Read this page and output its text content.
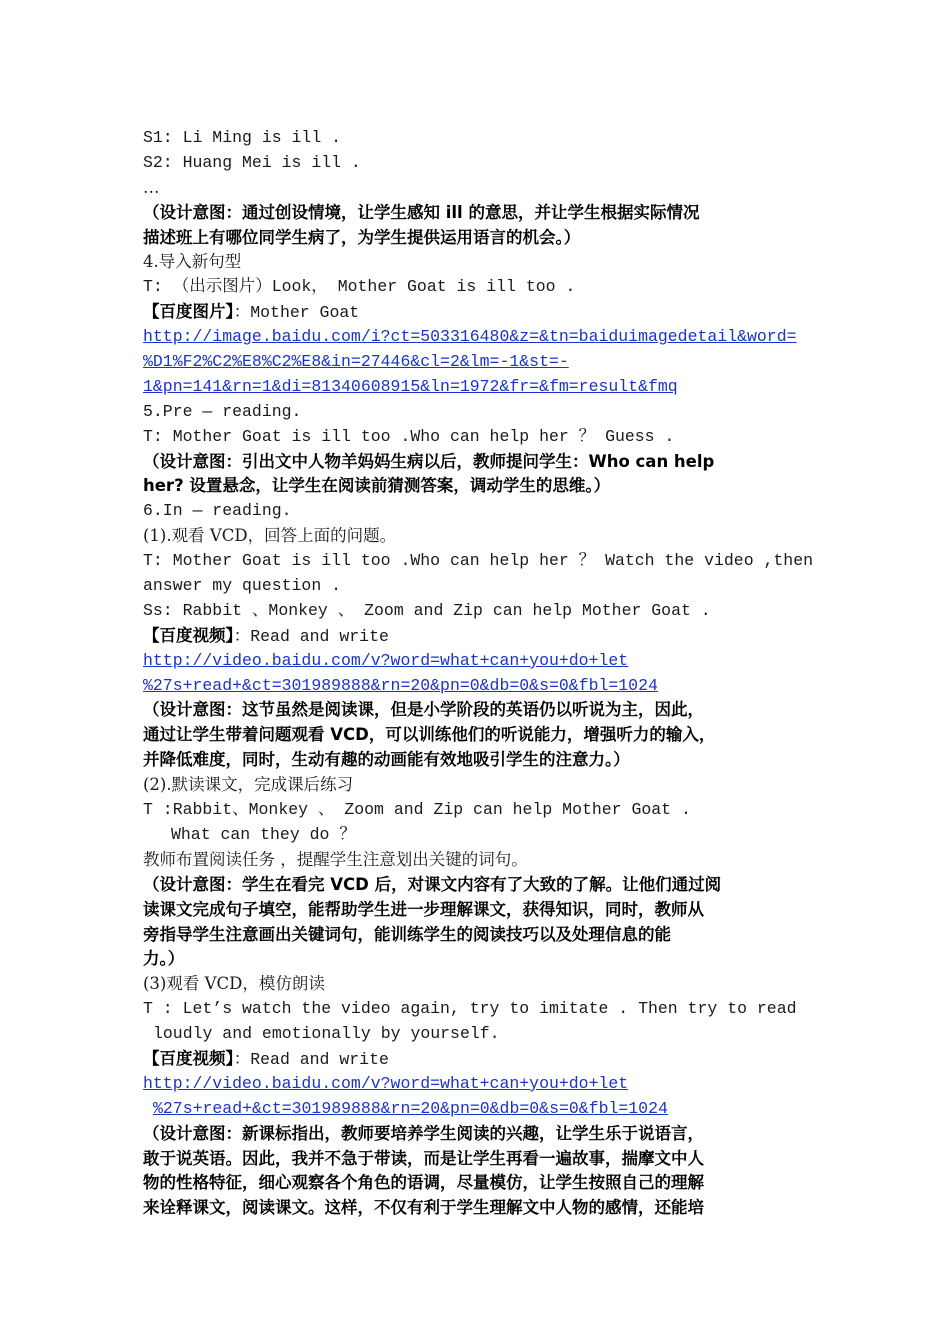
S1: Li Ming is ill .
S2: Huang Mei is ill .
…
（设计意图：通过创设情境，让学生感知 ill 的意思，并让学生根据实际情况
描述班上有哪位同学生病了，为学生提供运用语言的机会。）
4.导入新句型
T: （出示图片）Look， Mother Goat is ill too .
【百度图片】：Mother Goat
http://image.baidu.com/i?ct=503316480&z=&tn=baiduimagedetail&word=
%D1%F2%C2%E8%C2%E8&in=27446&cl=2&lm=-1&st=-
1&pn=141&rn=1&di=81340608915&ln=1972&fr=&fm=result&fmq
5.Pre — reading.
T: Mother Goat is ill too .Who can help her ？ Guess .
（设计意图：引出文中人物羊妈妈生病以后，教师提问学生：Who can help
her? 设置悬念，让学生在阅读前猜测答案，调动学生的思维。）
6.In — reading.
(1).观看 VCD，回答上面的问题。
T: Mother Goat is ill too .Who can help her ？ Watch the video ,then
answer my question .
Ss: Rabbit 、Monkey 、 Zoom and Zip can help Mother Goat .
【百度视频】：Read and write
http://video.baidu.com/v?word=what+can+you+do+let
%27s+read+&ct=301989888&rn=20&pn=0&db=0&s=0&fbl=1024
（设计意图：这节虽然是阅读课，但是小学阶段的英语仍以听说为主，因此，
通过让学生带着问题观看 VCD，可以训练他们的听说能力，增强听力的输入，
并降低难度，同时，生动有趣的动画能有效地吸引学生的注意力。）
(2).默读课文，完成课后练习
T :Rabbit、Monkey 、 Zoom and Zip can help Mother Goat .
What can they do ？
教师布置阅读任务 ，提醒学生注意划出关键的词句。
（设计意图：学生在看完 VCD 后，对课文内容有了大致的了解。让他们通过阅
读课文完成句子填空，能帮助学生进一步理解课文，获得知识，同时，教师从
旁指导学生注意画出关键词句，能训练学生的阅读技巧以及处理信息的能
力。）
(3)观看 VCD，模仿朗读
T : Let’s watch the video again, try to imitate . Then try to read
loudly and emotionally by yourself.
【百度视频】：Read and write
http://video.baidu.com/v?word=what+can+you+do+let
%27s+read+&ct=301989888&rn=20&pn=0&db=0&s=0&fbl=1024
（设计意图：新课标指出，教师要培养学生阅读的兴趣，让学生乐于说语言，
敢于说英语。因此，我并不急于带读，而是让学生再看一遍故事，揣摩文中人
物的性格特征，细心观察各个角色的语调，尽量模仿，让学生按照自己的理解
来诠释课文，阅读课文。这样，不仅有利于学生理解文中人物的感情，还能培
